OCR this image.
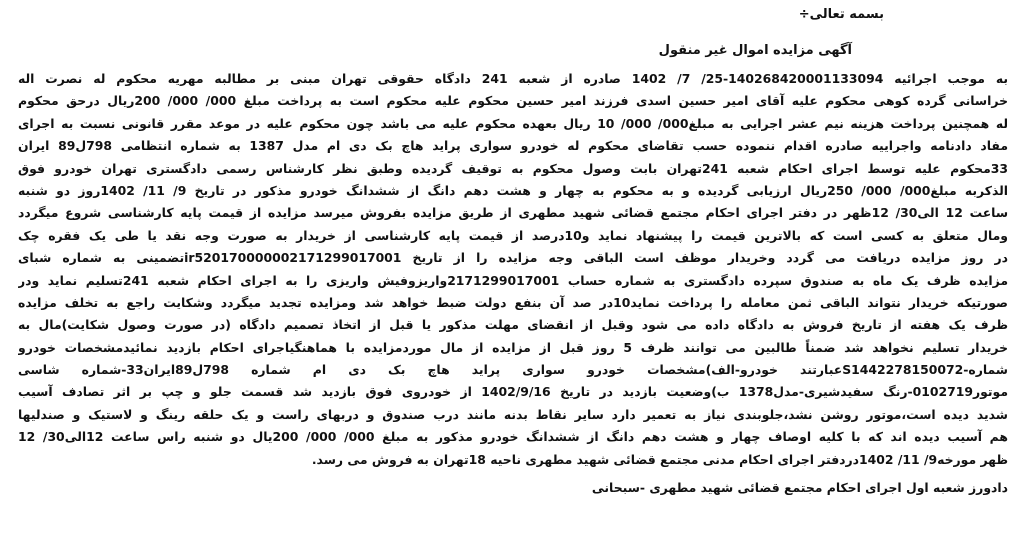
بسمه تعالی÷
آگهی مزایده اموال غیر منقول
به موجب اجرائیه 140268420001133094-25/ 7/ 1402 صادره از شعبه 241 دادگاه حقوقی تهران مبنی بر مطالبه مهریه محکوم له نصرت اله
خراسانی گرده کوهی محکوم علیه آقای امیر حسین اسدی فرزند امیر حسین محکوم علیه محکوم است به پرداخت مبلغ 000/ 000/ 200ریال درحق محکوم
له همچنین پرداخت هزینه نیم عشر اجرایی به مبلغ000/ 000/ 10 ریال بعهده محکوم علیه می باشد چون محکوم علیه در موعد مقرر قانونی نسبت به اجرای
مفاد دادنامه واجراییه صادره اقدام ننموده حسب تقاضای محکوم له خودرو سواری پراید هاچ بک دی ام مدل 1387 به شماره انتظامی 798ل89 ایران
33محکوم علیه توسط اجرای احکام شعبه 241تهران بابت وصول محکوم به توقیف گردیده وطبق نظر کارشناس رسمی دادگستری تهران خودرو فوق
الذکربه مبلغ000/ 000/ 250ریال ارزیابی گردیده و به محکوم به چهار و هشت دهم دانگ از ششدانگ خودرو مذکور در تاریخ 9/ 11/ 1402روز دو شنبه
ساعت 12 الی30/ 12ظهر در دفتر اجرای احکام مجتمع قضائی شهید مطهری از طریق مزایده بفروش میرسد مزایده از قیمت پایه کارشناسی شروع میگردد
ومال متعلق به کسی است که بالاترین قیمت را پیشنهاد نماید و10درصد از قیمت پایه کارشناسی از خریدار به صورت وجه نقد یا طی یک فقره چک
در روز مزایده دریافت می گردد وخریدار موظف است الباقی وجه مزایده را از تاریخ ir520170000002171299017001تضمینی به شماره شبای
مزایده ظرف یک ماه به صندوق سپرده دادگستری به شماره حساب 2171299017001واریزوفیش واریزی را به اجرای احکام شعبه 241تسلیم نماید ودر
صورتیکه خریدار نتواند الباقی ثمن معامله را پرداخت نماید10در صد آن بنفع دولت ضبط خواهد شد ومزایده تجدید میگردد وشکایت راجع به تخلف مزایده
ظرف یک هفته از تاریخ فروش به دادگاه داده می شود وقبل از انقضای مهلت مذکور یا قبل از اتخاذ تصمیم دادگاه (در صورت وصول شکایت)مال به
خریدار تسلیم نخواهد شد ضمناً طالبین می توانند ظرف 5 روز قبل از مزایده از مال موردمزایده با هماهنگیاجرای احکام بازدید نمائیدمشخصات خودرو
شماره-S1442278150072عبارتند خودرو-الف)مشخصات خودرو سواری پراید هاچ بک دی ام شماره 798ل89ایران33-شماره شاسی
موتور0102719-رنگ سفیدشیری-مدل1378 ب)وضعیت بازدید در تاریخ 1402/9/16 از خودروی فوق بازدید شد قسمت جلو و چپ بر اثر تصادف آسیب
شدید دیده است،موتور روشن نشد،جلوبندی نیاز به تعمیر دارد سایر نقاط بدنه مانند درب صندوق و دربهای راست و یک حلقه رینگ و لاستیک و صندلیها
هم آسیب دیده اند که با کلیه اوصاف چهار و هشت دهم دانگ از ششدانگ خودرو مذکور به مبلغ 000/ 000/ 200یال دو شنبه راس ساعت 12الی30/ 12
ظهر مورخه9/ 11/ 1402دردفتر اجرای احکام مدنی مجتمع قضائی شهید مطهری ناحیه 18تهران به فروش می رسد.
دادورز شعبه اول اجرای احکام مجتمع قضائی شهید مطهری -سبحانی
